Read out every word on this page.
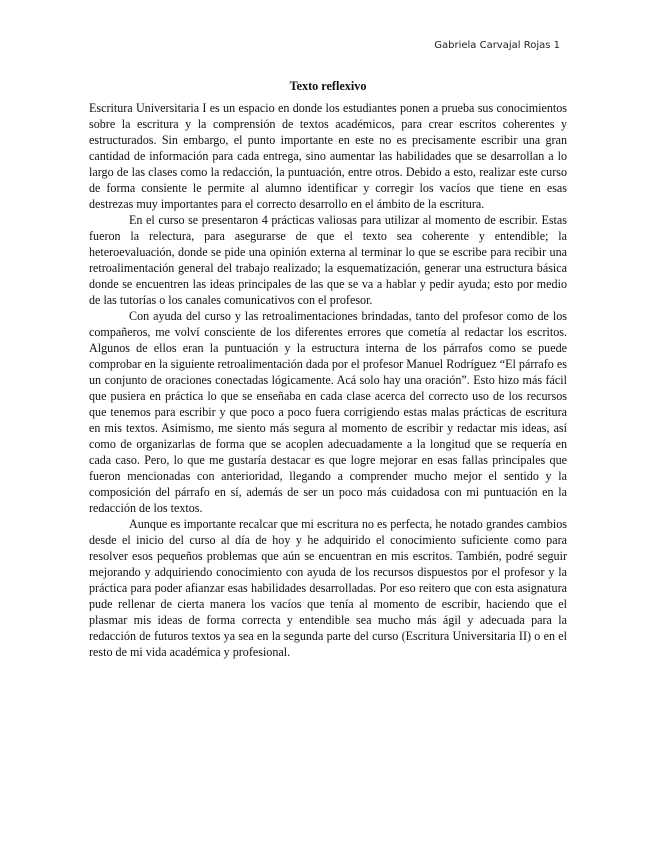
Gabriela Carvajal Rojas 1

Texto reflexivo

Escritura Universitaria I es un espacio en donde los estudiantes ponen a prueba sus conocimientos sobre la escritura y la comprensión de textos académicos, para crear escritos coherentes y estructurados. Sin embargo, el punto importante en este no es precisamente escribir una gran cantidad de información para cada entrega, sino aumentar las habilidades que se desarrollan a lo largo de las clases como la redacción, la puntuación, entre otros. Debido a esto, realizar este curso de forma consiente le permite al alumno identificar y corregir los vacíos que tiene en esas destrezas muy importantes para el correcto desarrollo en el ámbito de la escritura.

En el curso se presentaron 4 prácticas valiosas para utilizar al momento de escribir. Estas fueron la relectura, para asegurarse de que el texto sea coherente y entendible; la heteroevaluación, donde se pide una opinión externa al terminar lo que se escribe para recibir una retroalimentación general del trabajo realizado; la esquematización, generar una estructura básica donde se encuentren las ideas principales de las que se va a hablar y pedir ayuda; esto por medio de las tutorías o los canales comunicativos con el profesor.

Con ayuda del curso y las retroalimentaciones brindadas, tanto del profesor como de los compañeros, me volví consciente de los diferentes errores que cometía al redactar los escritos. Algunos de ellos eran la puntuación y la estructura interna de los párrafos como se puede comprobar en la siguiente retroalimentación dada por el profesor Manuel Rodríguez “El párrafo es un conjunto de oraciones conectadas lógicamente. Acá solo hay una oración”. Esto hizo más fácil que pusiera en práctica lo que se enseñaba en cada clase acerca del correcto uso de los recursos que tenemos para escribir y que poco a poco fuera corrigiendo estas malas prácticas de escritura en mis textos. Asimismo, me siento más segura al momento de escribir y redactar mis ideas, así como de organizarlas de forma que se acoplen adecuadamente a la longitud que se requería en cada caso. Pero, lo que me gustaría destacar es que logre mejorar en esas fallas principales que fueron mencionadas con anterioridad, llegando a comprender mucho mejor el sentido y la composición del párrafo en sí, además de ser un poco más cuidadosa con mi puntuación en la redacción de los textos.

Aunque es importante recalcar que mi escritura no es perfecta, he notado grandes cambios desde el inicio del curso al día de hoy y he adquirido el conocimiento suficiente como para resolver esos pequeños problemas que aún se encuentran en mis escritos. También, podré seguir mejorando y adquiriendo conocimiento con ayuda de los recursos dispuestos por el profesor y la práctica para poder afianzar esas habilidades desarrolladas. Por eso reitero que con esta asignatura pude rellenar de cierta manera los vacíos que tenía al momento de escribir, haciendo que el plasmar mis ideas de forma correcta y entendible sea mucho más ágil y adecuada para la redacción de futuros textos ya sea en la segunda parte del curso (Escritura Universitaria II) o en el resto de mi vida académica y profesional.
